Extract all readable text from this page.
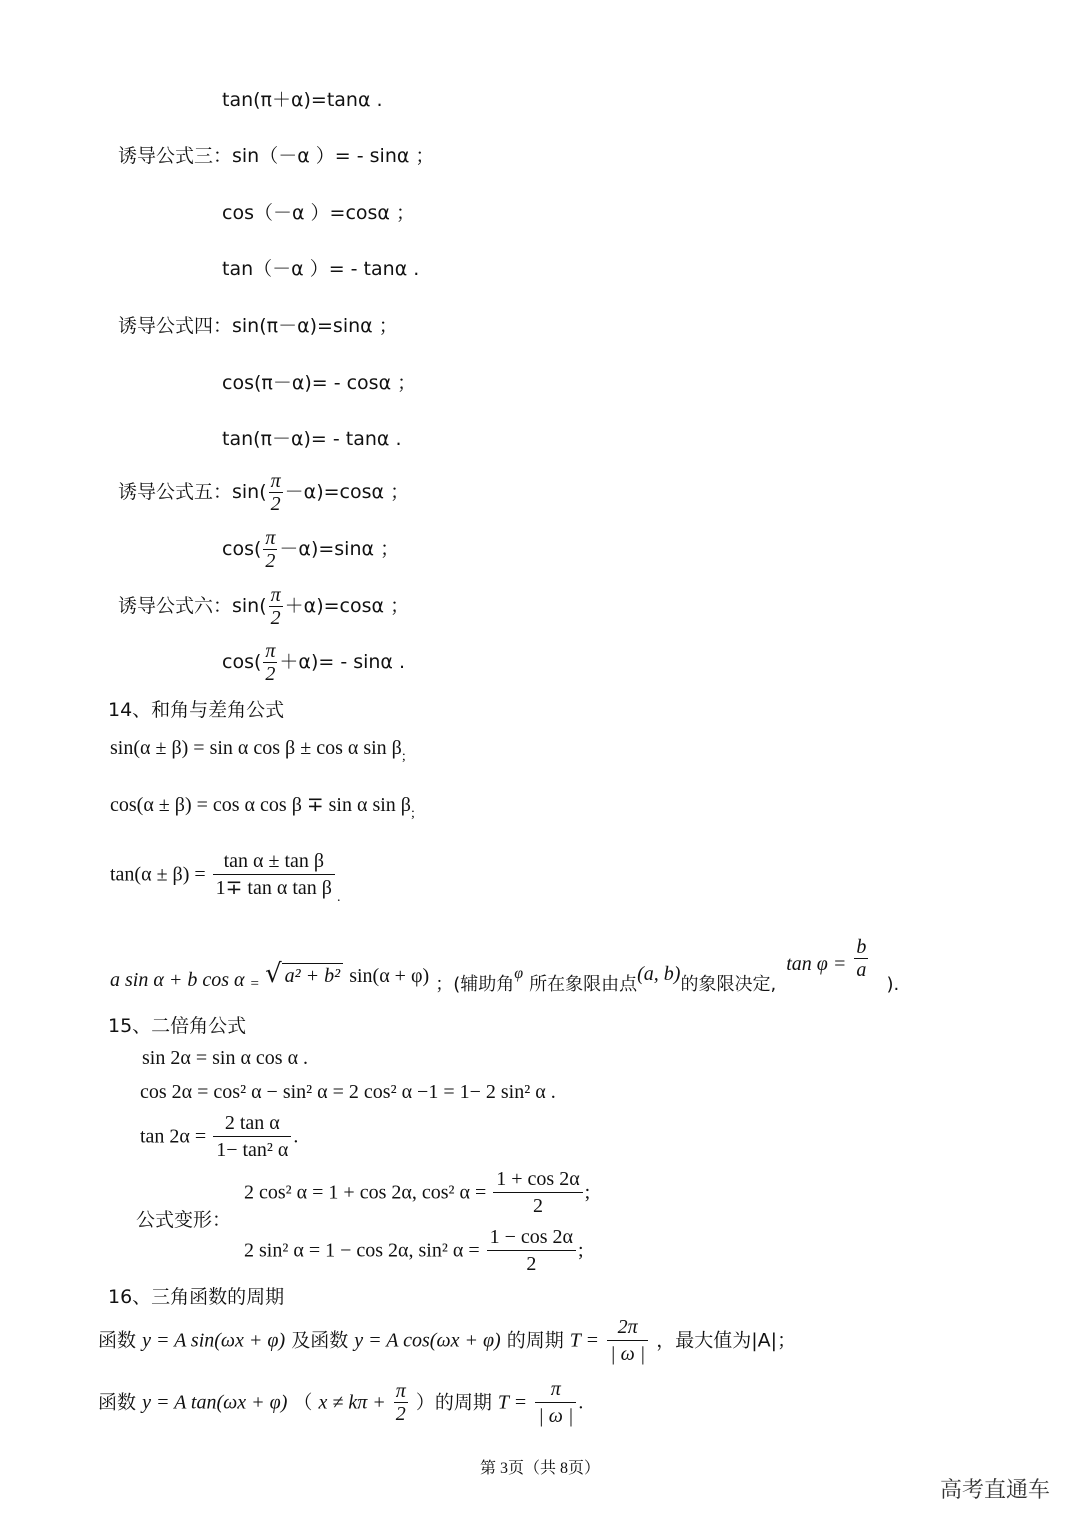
tan(π＋α)=tanα .
诱导公式三：sin（－α ）= - sinα ；
cos（－α ）=cosα ；
tan（－α ）= - tanα .
诱导公式四：sin(π－α)=sinα ；
cos(π－α)= - cosα ；
tan(π－α)= - tanα .
诱导公式五：$\sin( \frac{\pi}{2} -\alpha)=\cos\alpha$ ；
$\cos( \frac{\pi}{2} -\alpha)=\sin\alpha$ ；
诱导公式六：$\sin( \frac{\pi}{2} +\alpha)=\cos\alpha$ ；
$\cos( \frac{\pi}{2} +\alpha)= - \sin\alpha$ .
14、和角与差角公式
sin(α ± β) = sin α cos β ± cos α $\sin \beta_;$
cos(α ± β) = cos α cos β ∓ sin α $\sin \beta_;$
$\tan(\alpha \pm \beta) = \frac{\text{tan α ± tan β}}{\text{1∓ tan α tan β}} _.$
a sin α + b cos α $_=$ √ a² + b² sin(α + φ) ；(辅助角φ 所在象限由点(a, b)的象限决定, $\tan \varphi = \frac{b}{a}$
).
15、二倍角公式
sin 2α = sin α cos α .
cos 2α = cos² α − sin² α = 2 cos² α −1 = 1− 2 sin² α .
$\tan 2\alpha = \frac{\text{2 tan α}}{\text{1− tan² α}}$ .
2 cos² α = 1 + cos 2α, cos² $\alpha = \frac{1 + \cos 2\alpha}{2}$ ;
公式变形：
2 sin² α = 1 − cos 2α, sin² $\alpha = \frac{1 - \cos 2\alpha}{2}$ ;
16、三角函数的周期
函数 y = A sin(ωx + φ) 及函数 y = A cos(ωx + φ) 的周期 $T = \frac{2\pi}{| \omega |}$ ，最大值为|A|；
函数 y = A tan(ωx + φ) （ $x \ne k\pi + \frac{\pi}{2}$ ）的周期 $T = \frac{\pi}{| \omega |}$ .
第 3页（共 8页）
高考直通车
